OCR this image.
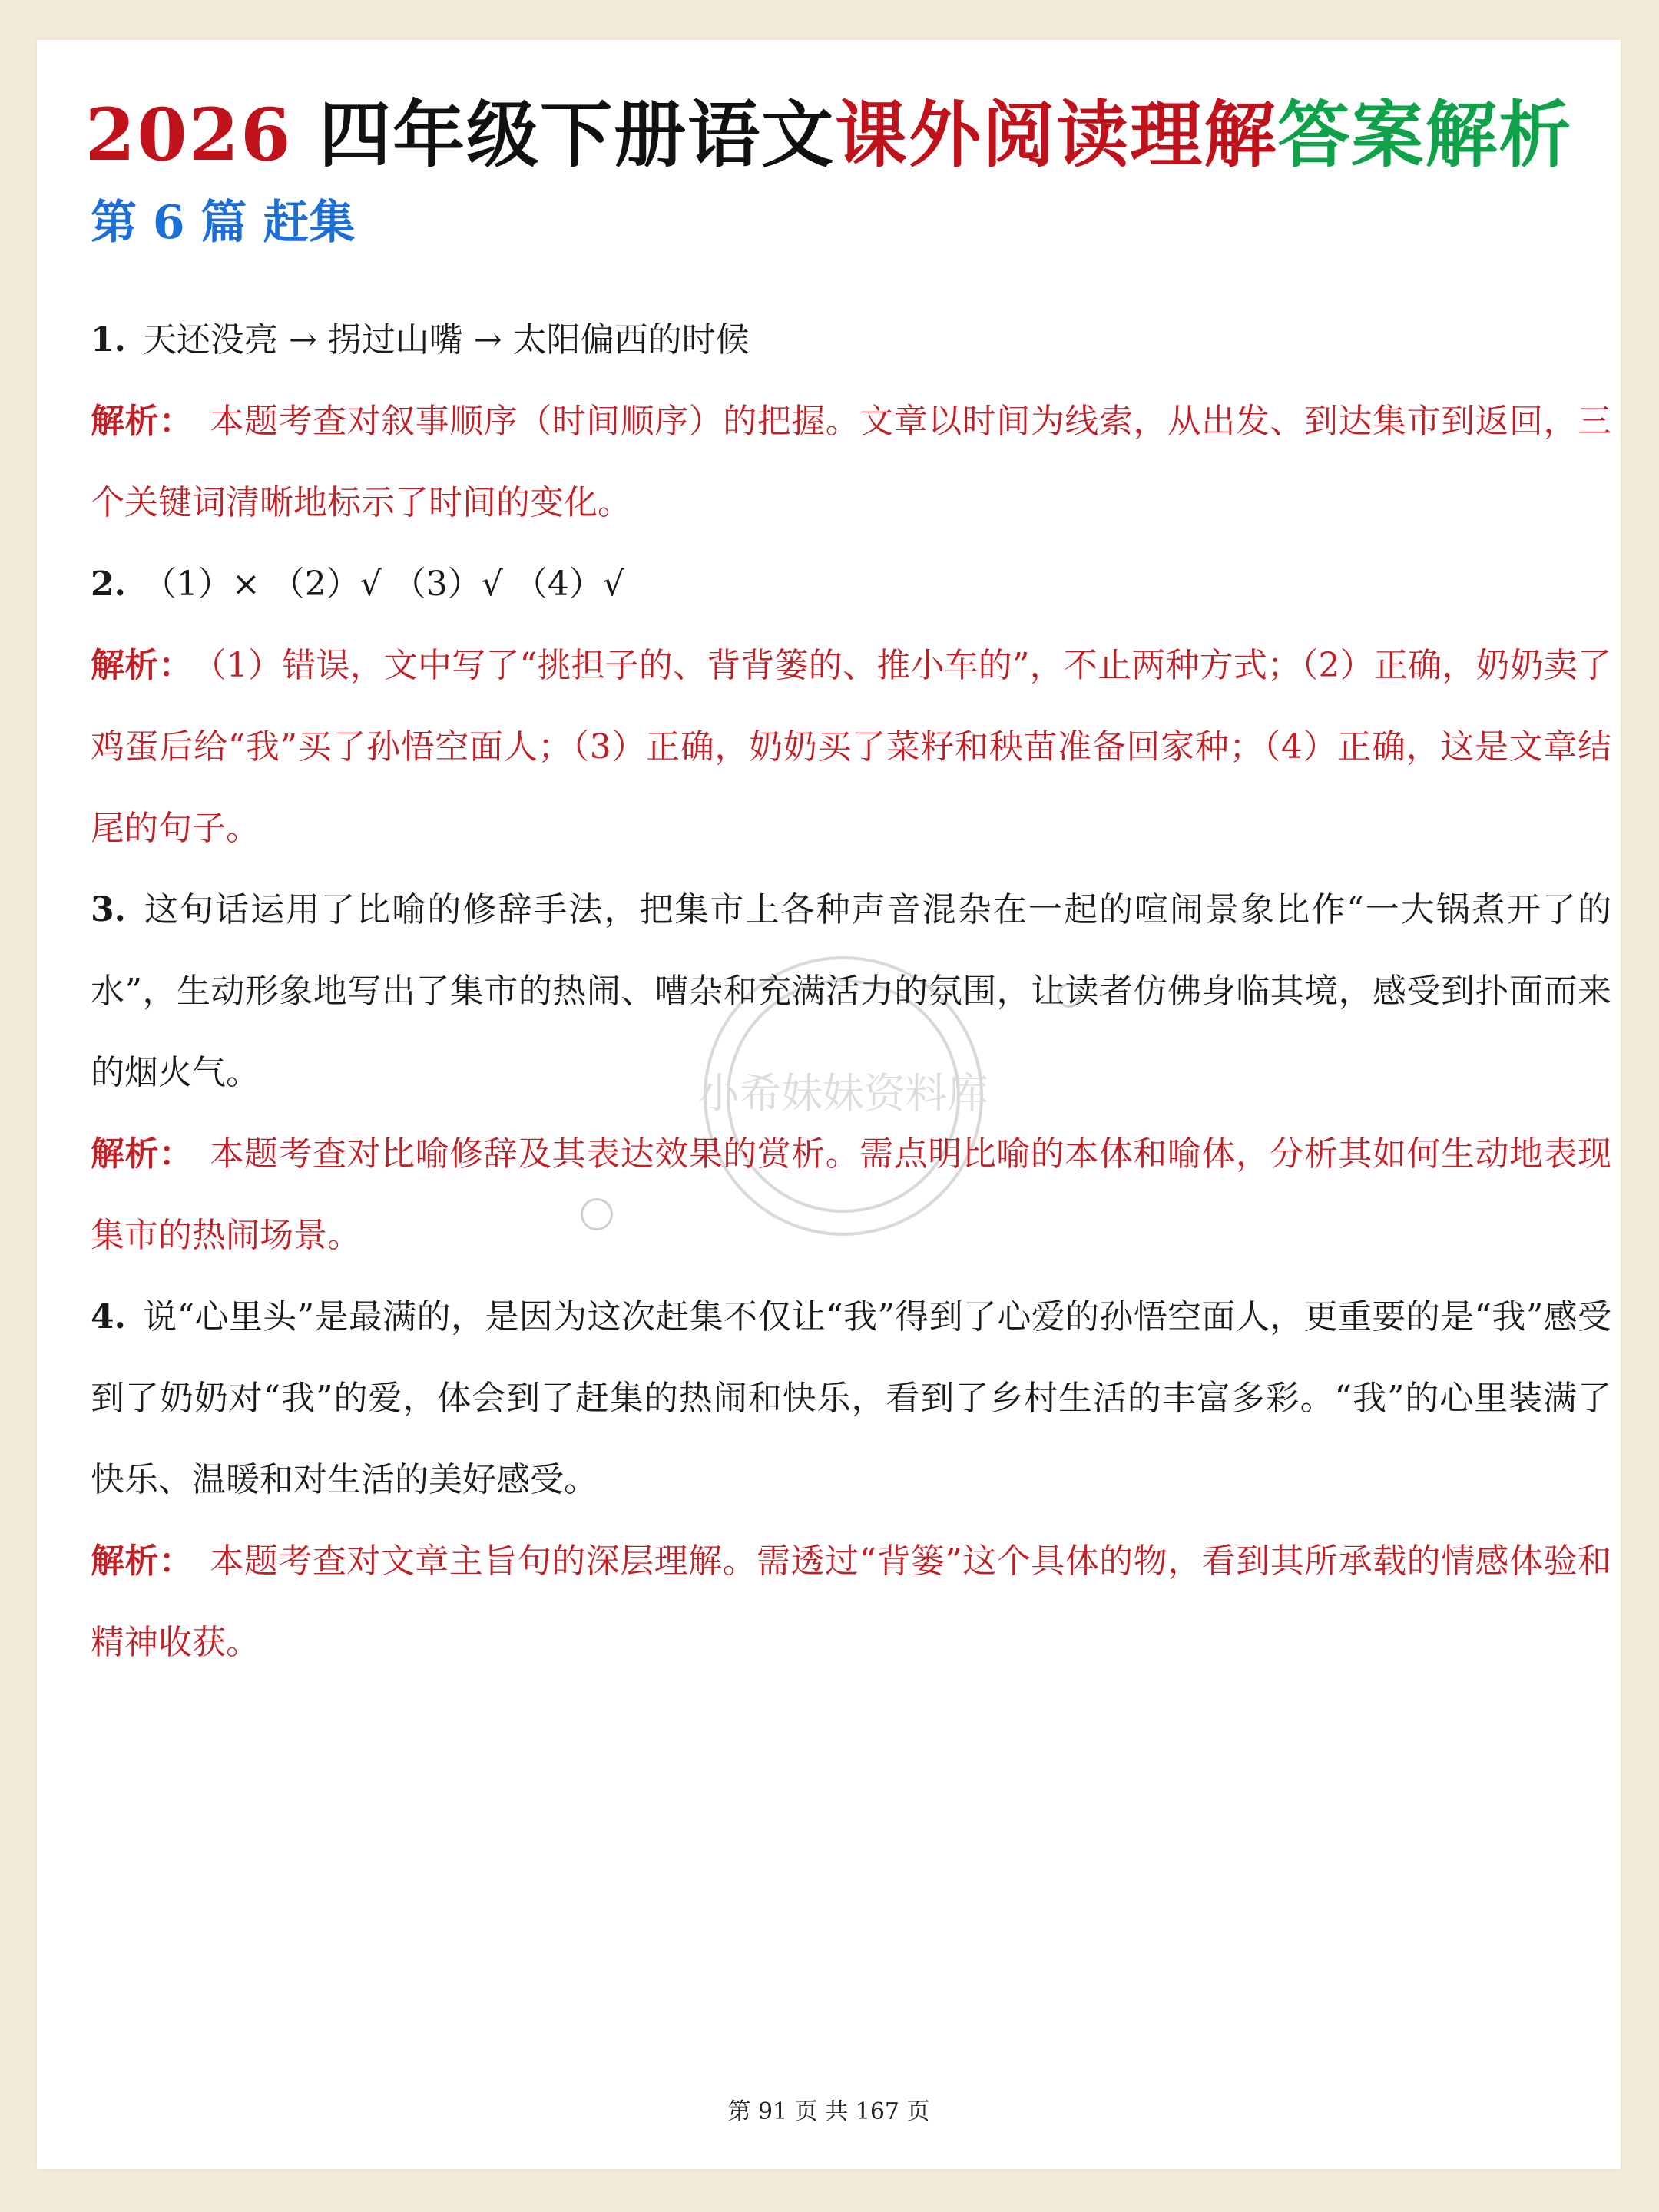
2026 四年级下册语文课外阅读理解答案解析
第 6 篇 赶集
小希妹妹资料库

1. 天还没亮 → 拐过山嘴 → 太阳偏西的时候

解析： 本题考查对叙事顺序（时间顺序）的把握。文章以时间为线索，从出发、到达集市到返回，三个关键词清晰地标示了时间的变化。

2. （1）× （2）√ （3）√ （4）√

解析： （1）错误，文中写了“挑担子的、背背篓的、推小车的”，不止两种方式；（2）正确，奶奶卖了鸡蛋后给“我”买了孙悟空面人；（3）正确，奶奶买了菜籽和秧苗准备回家种；（4）正确，这是文章结尾的句子。

3. 这句话运用了比喻的修辞手法，把集市上各种声音混杂在一起的喧闹景象比作“一大锅煮开了的水”，生动形象地写出了集市的热闹、嘈杂和充满活力的氛围，让读者仿佛身临其境，感受到扑面而来的烟火气。

解析： 本题考查对比喻修辞及其表达效果的赏析。需点明比喻的本体和喻体，分析其如何生动地表现集市的热闹场景。

4. 说“心里头”是最满的，是因为这次赶集不仅让“我”得到了心爱的孙悟空面人，更重要的是“我”感受到了奶奶对“我”的爱，体会到了赶集的热闹和快乐，看到了乡村生活的丰富多彩。“我”的心里装满了快乐、温暖和对生活的美好感受。

解析： 本题考查对文章主旨句的深层理解。需透过“背篓”这个具体的物，看到其所承载的情感体验和精神收获。

第 91 页 共 167 页
